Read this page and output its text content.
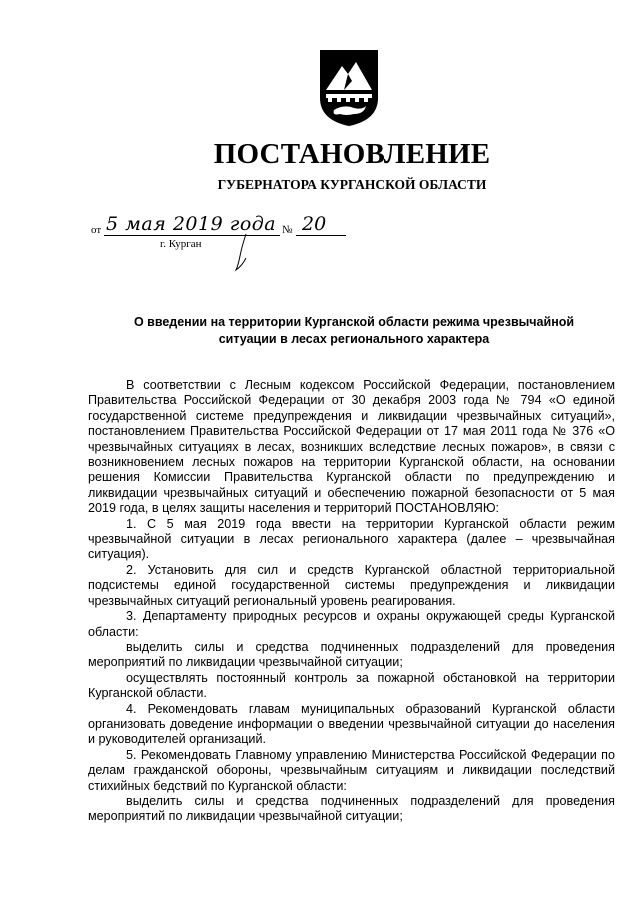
ПОСТАНОВЛЕНИЕ
ГУБЕРНАТОРА КУРГАНСКОЙ ОБЛАСТИ
от 5 мая 2019 года № 20
г. Курган
О введении на территории Курганской области режима чрезвычайной
ситуации в лесах регионального характера

В соответствии с Лесным кодексом Российской Федерации, постановлением Правительства Российской Федерации от 30 декабря 2003 года № 794 «О единой государственной системе предупреждения и ликвидации чрезвычайных ситуаций», постановлением Правительства Российской Федерации от 17 мая 2011 года № 376 «О чрезвычайных ситуациях в лесах, возникших вследствие лесных пожаров», в связи с возникновением лесных пожаров на территории Курганской области, на основании решения Комиссии Правительства Курганской области по предупреждению и ликвидации чрезвычайных ситуаций и обеспечению пожарной безопасности от 5 мая 2019 года, в целях защиты населения и территорий ПОСТАНОВЛЯЮ:

1. С 5 мая 2019 года ввести на территории Курганской области режим чрезвычайной ситуации в лесах регионального характера (далее – чрезвычайная ситуация).

2. Установить для сил и средств Курганской областной территориальной подсистемы единой государственной системы предупреждения и ликвидации чрезвычайных ситуаций региональный уровень реагирования.

3. Департаменту природных ресурсов и охраны окружающей среды Курганской области:

выделить силы и средства подчиненных подразделений для проведения мероприятий по ликвидации чрезвычайной ситуации;

осуществлять постоянный контроль за пожарной обстановкой на территории Курганской области.

4. Рекомендовать главам муниципальных образований Курганской области организовать доведение информации о введении чрезвычайной ситуации до населения и руководителей организаций.

5. Рекомендовать Главному управлению Министерства Российской Федерации по делам гражданской обороны, чрезвычайным ситуациям и ликвидации последствий стихийных бедствий по Курганской области:

выделить силы и средства подчиненных подразделений для проведения мероприятий по ликвидации чрезвычайной ситуации;
